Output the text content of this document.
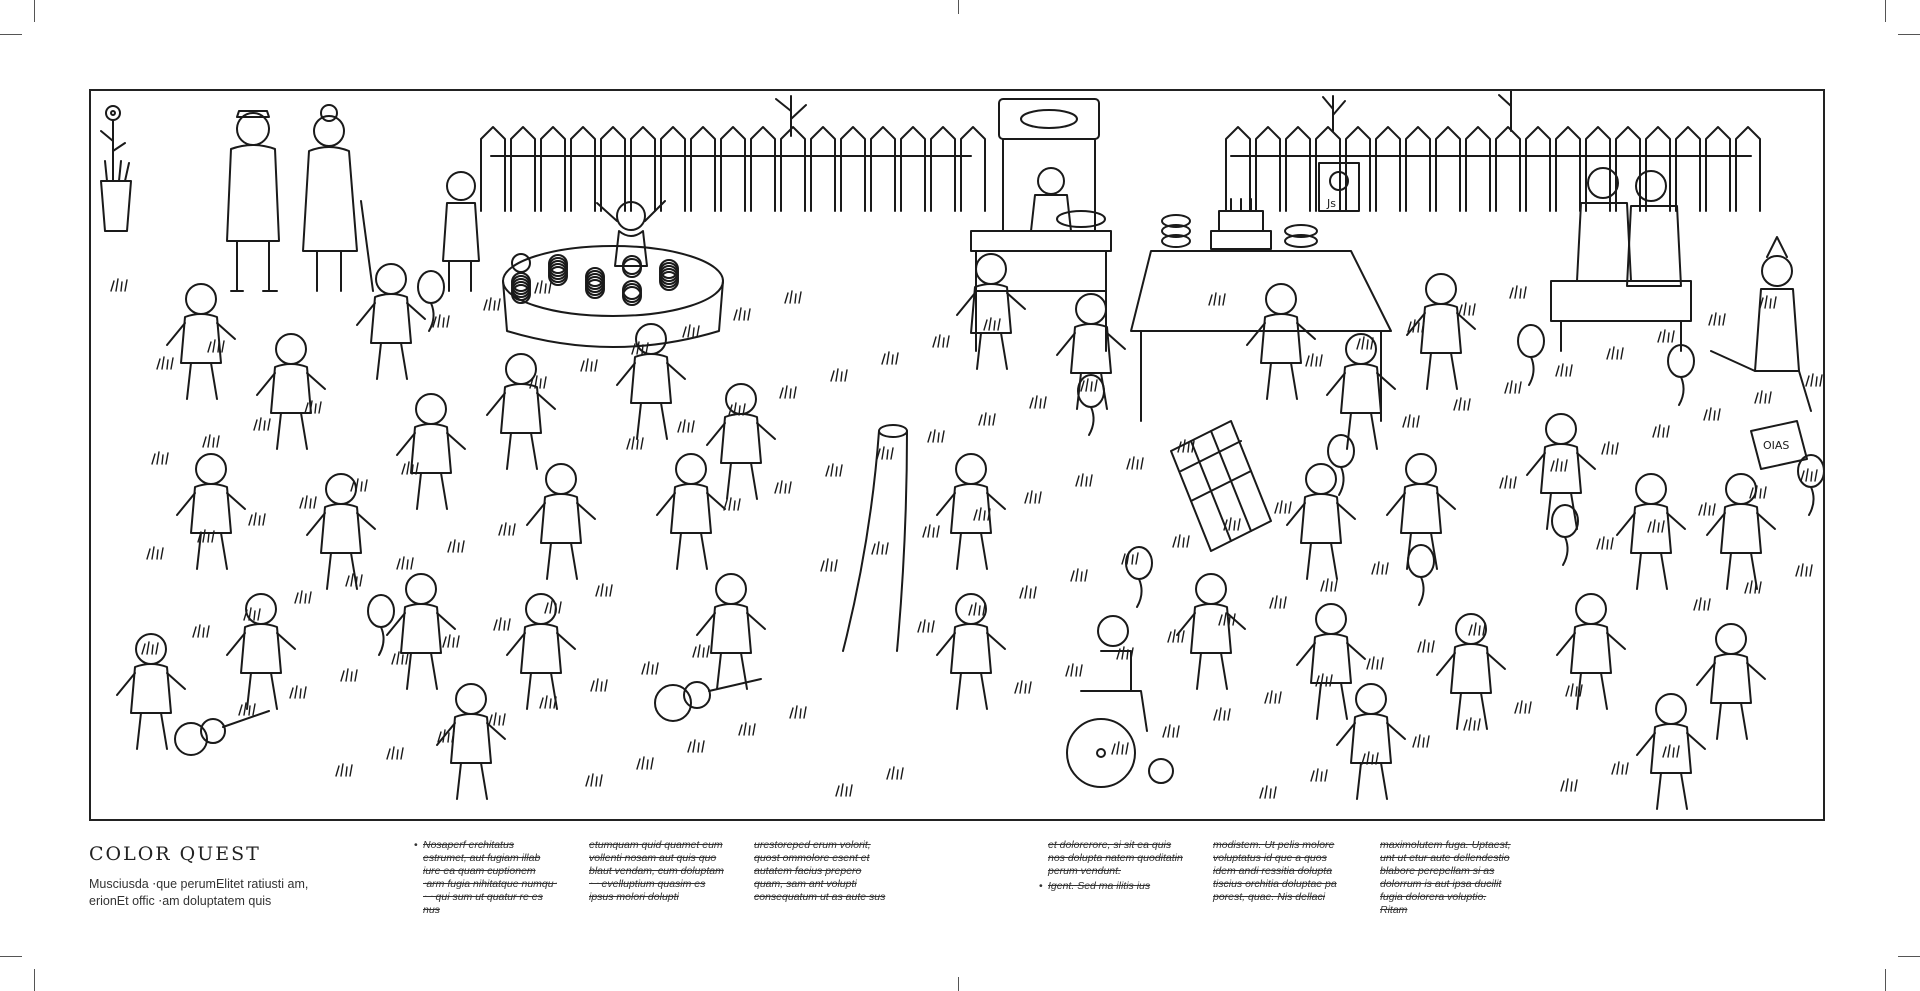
Js
OIAS
COLOR QUEST

Musciusda ⋅que perumElitet ratiusti am, erionEt offic ⋅am doluptatem quis

• Nosaperf erchitatus estrumet, aut fugiam illab iure ea quam cuptionem ⋅arm fugia nihitatque numqu⋅ ⋅ ⋅ qui sum ut quatur re es nus
etumquam quid quamet eum vollenti nosam aut quis quo blaut vendam, cum doluptam ⋅ ⋅ evelluptium quasim es ipsus molori dolupti
urestoreped erum volorit, quost ommolore esent et autatem facius prepero quam, sam ant volupti consequatum ut as aute sus
et dolorerore, si sit ea quis nos dolupta natem quoditatin perum vendunt.
• Igent. Sed ma ilitis ius
modistem. Ut pelis molore voluptatus id que a quos idem andi ressitia dolupta tiscius orchitia doluptae pa porest, quae. Nis dellaci
maximolutem fuga. Uptaest, unt ut etur aute dellendestio blabore perepellam si as dolorrum is aut ipsa ducilit fugia dolorera voluptio. Ritam
